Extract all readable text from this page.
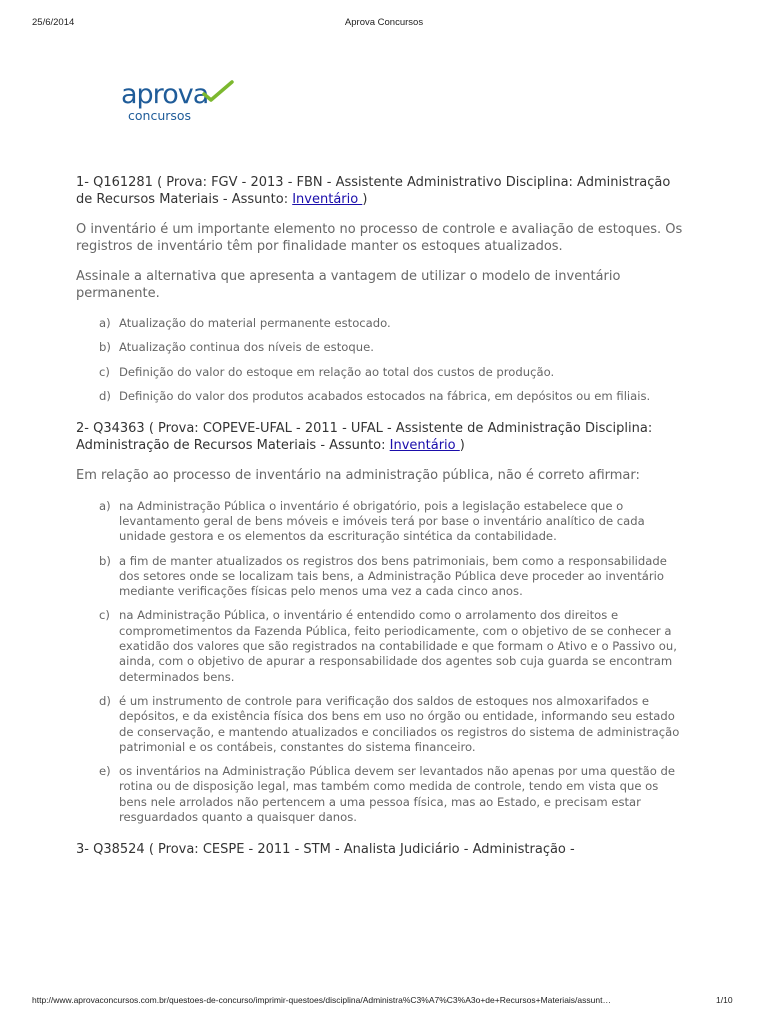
Aprova Concursos
25/6/2014
aprova
concursos

1- Q161281 ( Prova: FGV - 2013 - FBN - Assistente Administrativo Disciplina: Administração de Recursos Materiais - Assunto: Inventário )

O inventário é um importante elemento no processo de controle e avaliação de estoques. Os registros de inventário têm por finalidade manter os estoques atualizados.

Assinale a alternativa que apresenta a vantagem de utilizar o modelo de inventário permanente.

a) Atualização do material permanente estocado.
b) Atualização continua dos níveis de estoque.
c) Definição do valor do estoque em relação ao total dos custos de produção.
d) Definição do valor dos produtos acabados estocados na fábrica, em depósitos ou em filiais.

2- Q34363 ( Prova: COPEVE-UFAL - 2011 - UFAL - Assistente de Administração Disciplina: Administração de Recursos Materiais - Assunto: Inventário )

Em relação ao processo de inventário na administração pública, não é correto afirmar:

a) na Administração Pública o inventário é obrigatório, pois a legislação estabelece que o levantamento geral de bens móveis e imóveis terá por base o inventário analítico de cada unidade gestora e os elementos da escrituração sintética da contabilidade.
b) a fim de manter atualizados os registros dos bens patrimoniais, bem como a responsabilidade dos setores onde se localizam tais bens, a Administração Pública deve proceder ao inventário mediante verificações físicas pelo menos uma vez a cada cinco anos.
c) na Administração Pública, o inventário é entendido como o arrolamento dos direitos e comprometimentos da Fazenda Pública, feito periodicamente, com o objetivo de se conhecer a exatidão dos valores que são registrados na contabilidade e que formam o Ativo e o Passivo ou, ainda, com o objetivo de apurar a responsabilidade dos agentes sob cuja guarda se encontram determinados bens.
d) é um instrumento de controle para verificação dos saldos de estoques nos almoxarifados e depósitos, e da existência física dos bens em uso no órgão ou entidade, informando seu estado de conservação, e mantendo atualizados e conciliados os registros do sistema de administração patrimonial e os contábeis, constantes do sistema financeiro.
e) os inventários na Administração Pública devem ser levantados não apenas por uma questão de rotina ou de disposição legal, mas também como medida de controle, tendo em vista que os bens nele arrolados não pertencem a uma pessoa física, mas ao Estado, e precisam estar resguardados quanto a quaisquer danos.

3- Q38524 ( Prova: CESPE - 2011 - STM - Analista Judiciário - Administração -

http://www.aprovaconcursos.com.br/questoes-de-concurso/imprimir-questoes/disciplina/Administra%C3%A7%C3%A3o+de+Recursos+Materiais/assunt…	1/10
